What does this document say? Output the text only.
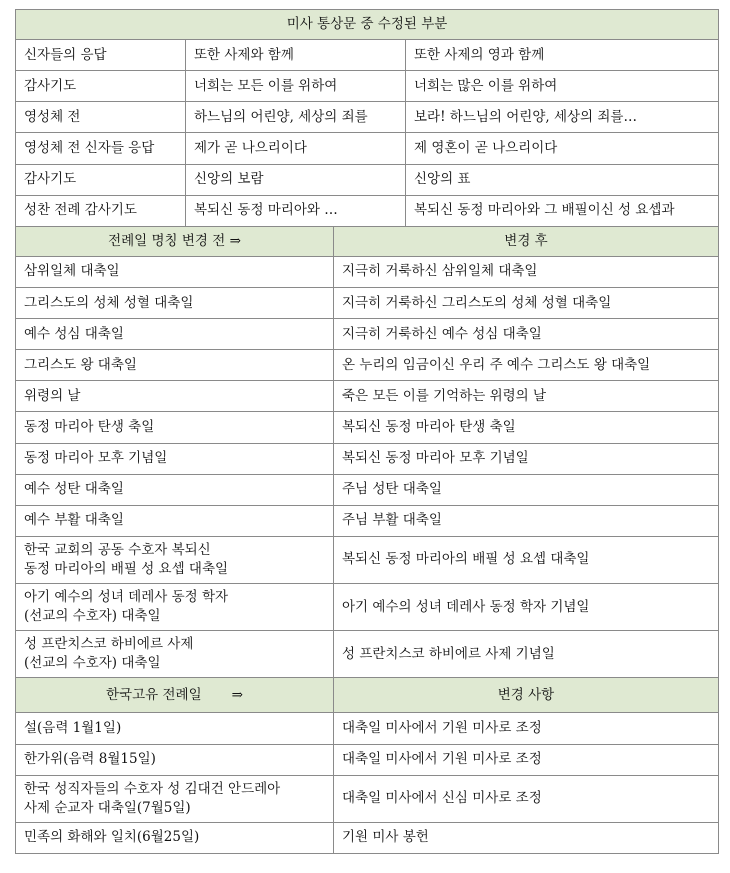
미사 통상문 중 수정된 부분			
신자들의 응답	또한 사제와 함께		또한 사제의 영과 함께
감사기도	너희는 모든 이를 위하여		너희는 많은 이를 위하여
영성체 전	하느님의 어린양, 세상의 죄를		보라! 하느님의 어린양, 세상의 죄를…
영성체 전 신자들 응답	제가 곧 나으리이다		제 영혼이 곧 나으리이다
감사기도	신앙의 보람		신앙의 표
성찬 전례 감사기도	복되신 동정 마리아와 …		복되신 동정 마리아와 그 배필이신 성 요셉과
전례일 명칭 변경 전 ⇒		변경 후	
삼위일체 대축일		지극히 거룩하신 삼위일체 대축일	
그리스도의 성체 성혈 대축일		지극히 거룩하신 그리스도의 성체 성혈 대축일	
예수 성심 대축일		지극히 거룩하신 예수 성심 대축일	
그리스도 왕 대축일		온 누리의 임금이신 우리 주 예수 그리스도 왕 대축일	
위령의 날		죽은 모든 이를 기억하는 위령의 날	
동정 마리아 탄생 축일		복되신 동정 마리아 탄생 축일	
동정 마리아 모후 기념일		복되신 동정 마리아 모후 기념일	
예수 성탄 대축일		주님 성탄 대축일	
예수 부활 대축일		주님 부활 대축일	
한국 교회의 공동 수호자 복되신
동정 마리아의 배필 성 요셉 대축일		복되신 동정 마리아의 배필 성 요셉 대축일	
아기 예수의 성녀 데레사 동정 학자
(선교의 수호자) 대축일		아기 예수의 성녀 데레사 동정 학자 기념일	
성 프란치스코 하비에르 사제
(선교의 수호자) 대축일		성 프란치스코 하비에르 사제 기념일	
한국고유 전례일 ⇒		변경 사항	
설(음력 1월1일)		대축일 미사에서 기원 미사로 조정	
한가위(음력 8월15일)		대축일 미사에서 기원 미사로 조정	
한국 성직자들의 수호자 성 김대건 안드레아
사제 순교자 대축일(7월5일)		대축일 미사에서 신심 미사로 조정	
민족의 화해와 일치(6월25일)		기원 미사 봉헌	
